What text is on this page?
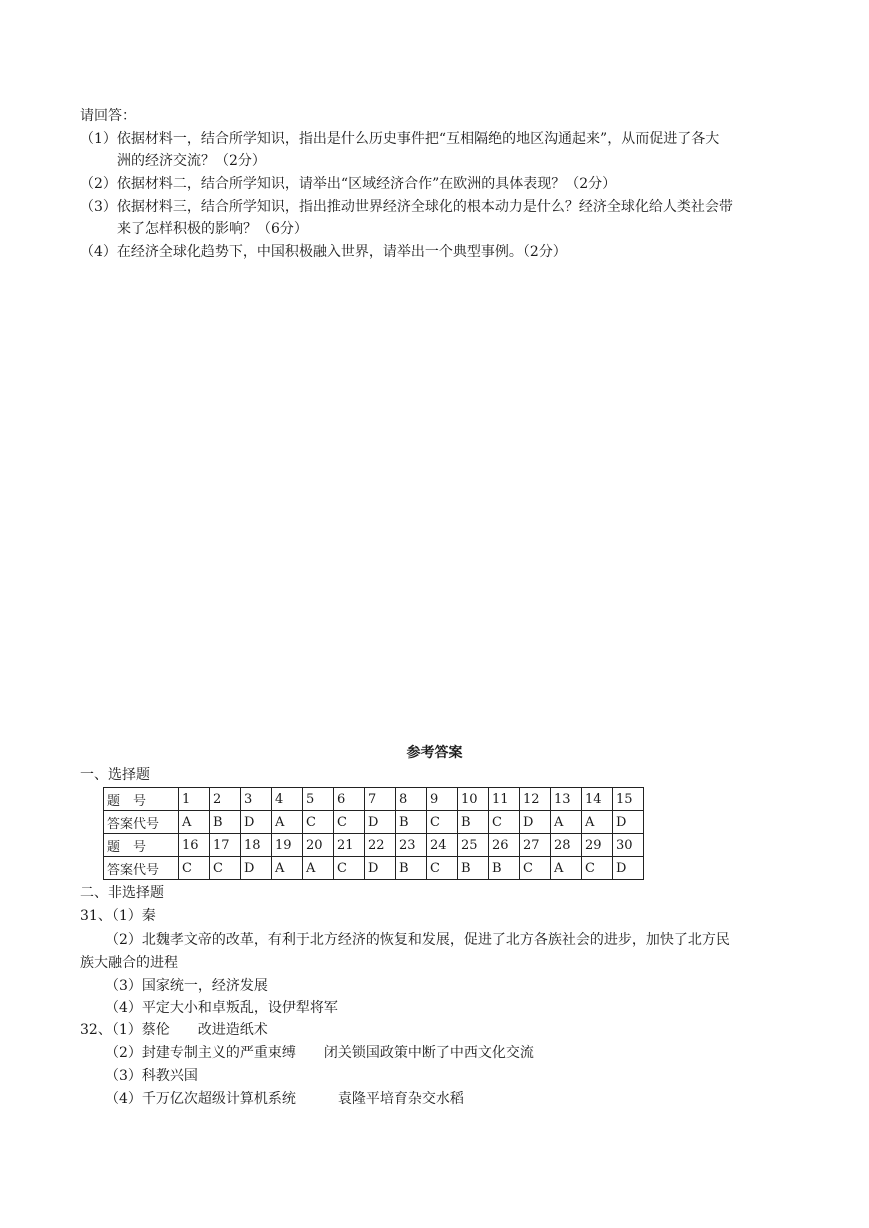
请回答：
（1）依据材料一，结合所学知识，指出是什么历史事件把“互相隔绝的地区沟通起来”，从而促进了各大
洲的经济交流？（2分）
（2）依据材料二，结合所学知识，请举出“区域经济合作”在欧洲的具体表现？（2分）
（3）依据材料三，结合所学知识，指出推动世界经济全球化的根本动力是什么？经济全球化给人类社会带
来了怎样积极的影响？（6分）
（4）在经济全球化趋势下，中国积极融入世界，请举出一个典型事例。（2分）
参考答案
一、选择题
题　号	1	2	3	4	5	6	7	8	9	10	11	12	13	14	15
答案代号	A	B	D	A	C	C	D	B	C	B	C	D	A	A	D
题　号	16	17	18	19	20	21	22	23	24	25	26	27	28	29	30
答案代号	C	C	D	A	A	C	D	B	C	B	B	C	A	C	D
二、非选择题
31、（1）秦
（2）北魏孝文帝的改革，有利于北方经济的恢复和发展，促进了北方各族社会的进步，加快了北方民
族大融合的进程
（3）国家统一，经济发展
（4）平定大小和卓叛乱，设伊犁将军
32、（1）蔡伦　　改进造纸术
（2）封建专制主义的严重束缚　　闭关锁国政策中断了中西文化交流
（3）科教兴国
（4）千万亿次超级计算机系统　　　袁隆平培育杂交水稻
